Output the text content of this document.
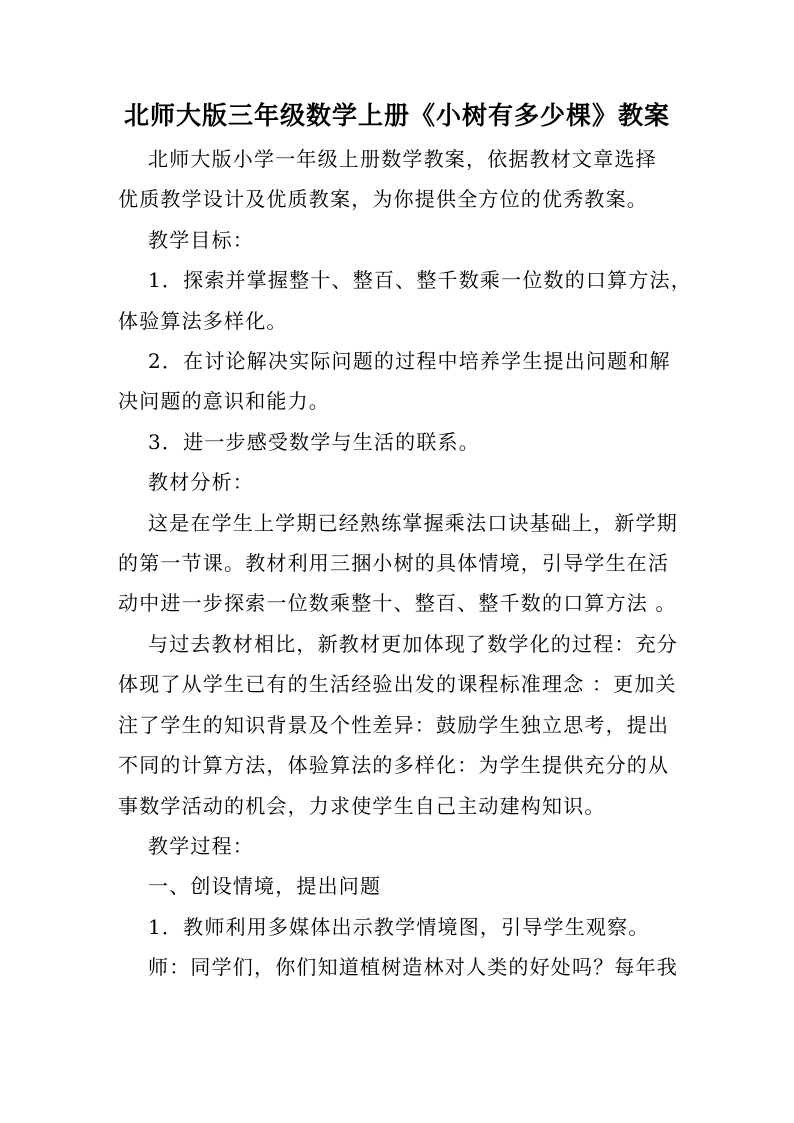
北师大版三年级数学上册《小树有多少棵》教案
北师大版小学一年级上册数学教案，依据教材文章选择
优质教学设计及优质教案，为你提供全方位的优秀教案。
教学目标：
1．探索并掌握整十、整百、整千数乘一位数的口算方法，
体验算法多样化。
2．在讨论解决实际问题的过程中培养学生提出问题和解
决问题的意识和能力。
3．进一步感受数学与生活的联系。
教材分析：
这是在学生上学期已经熟练掌握乘法口诀基础上，新学期
的第一节课。教材利用三捆小树的具体情境，引导学生在活
动中进一步探索一位数乘整十、整百、整千数的口算方法 。
与过去教材相比，新教材更加体现了数学化的过程：充分
体现了从学生已有的生活经验出发的课程标准理念 ：更加关
注了学生的知识背景及个性差异：鼓励学生独立思考，提出
不同的计算方法，体验算法的多样化：为学生提供充分的从
事数学活动的机会，力求使学生自己主动建构知识。
教学过程：
一、创设情境，提出问题
1．教师利用多媒体出示教学情境图，引导学生观察。
师：同学们，你们知道植树造林对人类的好处吗？每年我
